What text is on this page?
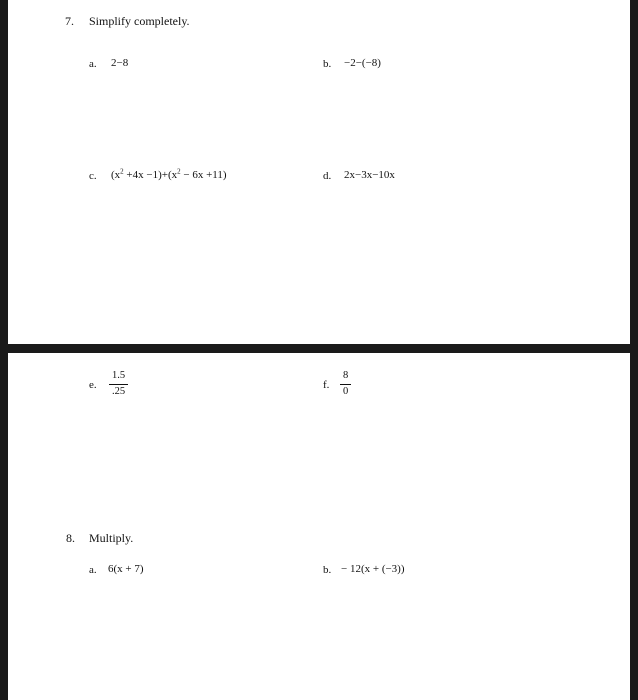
7. Simplify completely.
a. 2−8	b. −2−(−8)
c. $(x^2 +4x -1)+(x^2 - 6x +11)$	d. 2x−3x−10x
e. $\frac{1.5}{.25}$	f. $\frac{8}{0}$
8. Multiply.
a. 6(x + 7)	b. − 12(x + (−3))
